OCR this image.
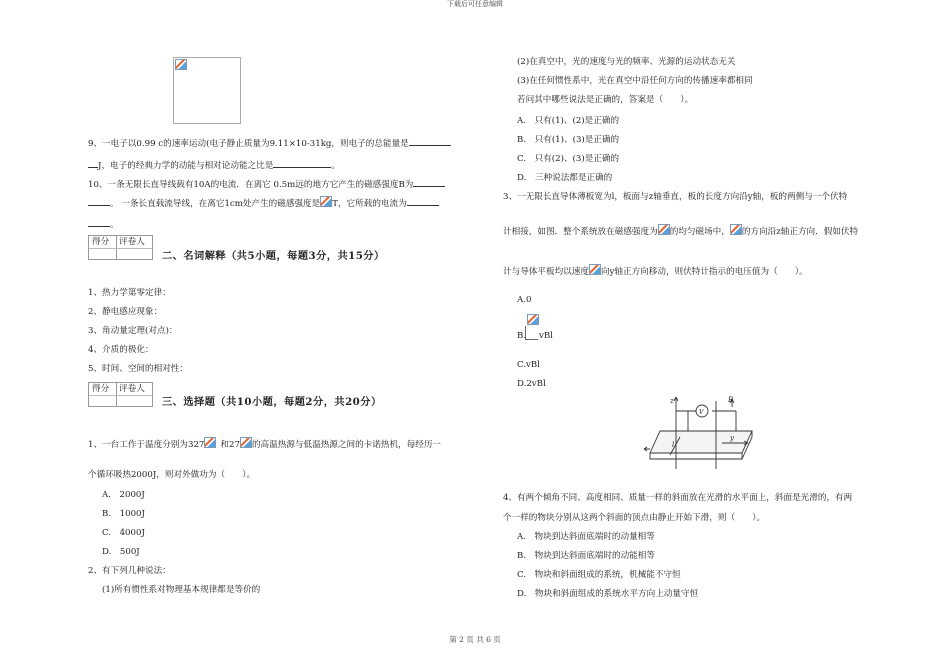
下载后可任意编辑
9、一电子以0.99 c的速率运动(电子静止质量为9.11×10-31kg，则电子的总能量是
J，电子的经典力学的动能与相对论动能之比是	。
10、一条无限长直导线载有10A的电流．在离它 0.5m远的地方它产生的磁感强度B为
。 一条长直载流导线，在离它1cm处产生的磁感强度是 T，它所载的电流为
。
得分 评卷人
二、名词解释（共5小题，每题3分，共15分）
1、热力学第零定律：
2、静电感应现象：
3、角动量定理(对点)：
4、介质的极化：
5、时间、空间的相对性：
得分 评卷人
三、选择题（共10小题，每题2分，共20分）
1、一台工作于温度分别为327 和27 的高温热源与低温热源之间的卡诺热机，每经历一
个循环吸热2000J，则对外做功为（　　）。
A.　2000J
B.　1000J
C.　4000J
D.　500J
2、有下列几种说法：
(1)所有惯性系对物理基本规律都是等价的
(2)在真空中，光的速度与光的频率、光源的运动状态无关
(3)在任何惯性系中，光在真空中沿任何方向的传播速率都相同
若问其中哪些说法是正确的，答案是（　　）。
A.　只有(1)、(2)是正确的
B.　只有(1)、(3)是正确的
C.　只有(2)、(3)是正确的
D.　三种说法都是正确的
3、一无限长直导体薄板宽为l，板面与z轴垂直，板的长度方向沿y轴，板的两侧与一个伏特
计相接，如图．整个系统放在磁感强度为 的均匀磁场中， 的方向沿z轴正方向．假如伏特
计与导体平板均以速度 向y轴正方向移动，则伏特计指示的电压值为（　　）。
A.0
B. vBl
C.vBl
D.2vBl
z
V
B
l
y
4、有两个倾角不同、高度相同、质量一样的斜面放在光滑的水平面上，斜面是光滑的，有两
个一样的物块分别从这两个斜面的顶点由静止开始下滑，则（　　）。
A.　物块到达斜面底端时的动量相等
B.　物块到达斜面底端时的动能相等
C.　物块和斜面组成的系统，机械能不守恒
D.　物块和斜面组成的系统水平方向上动量守恒
第 2 页 共 6 页
